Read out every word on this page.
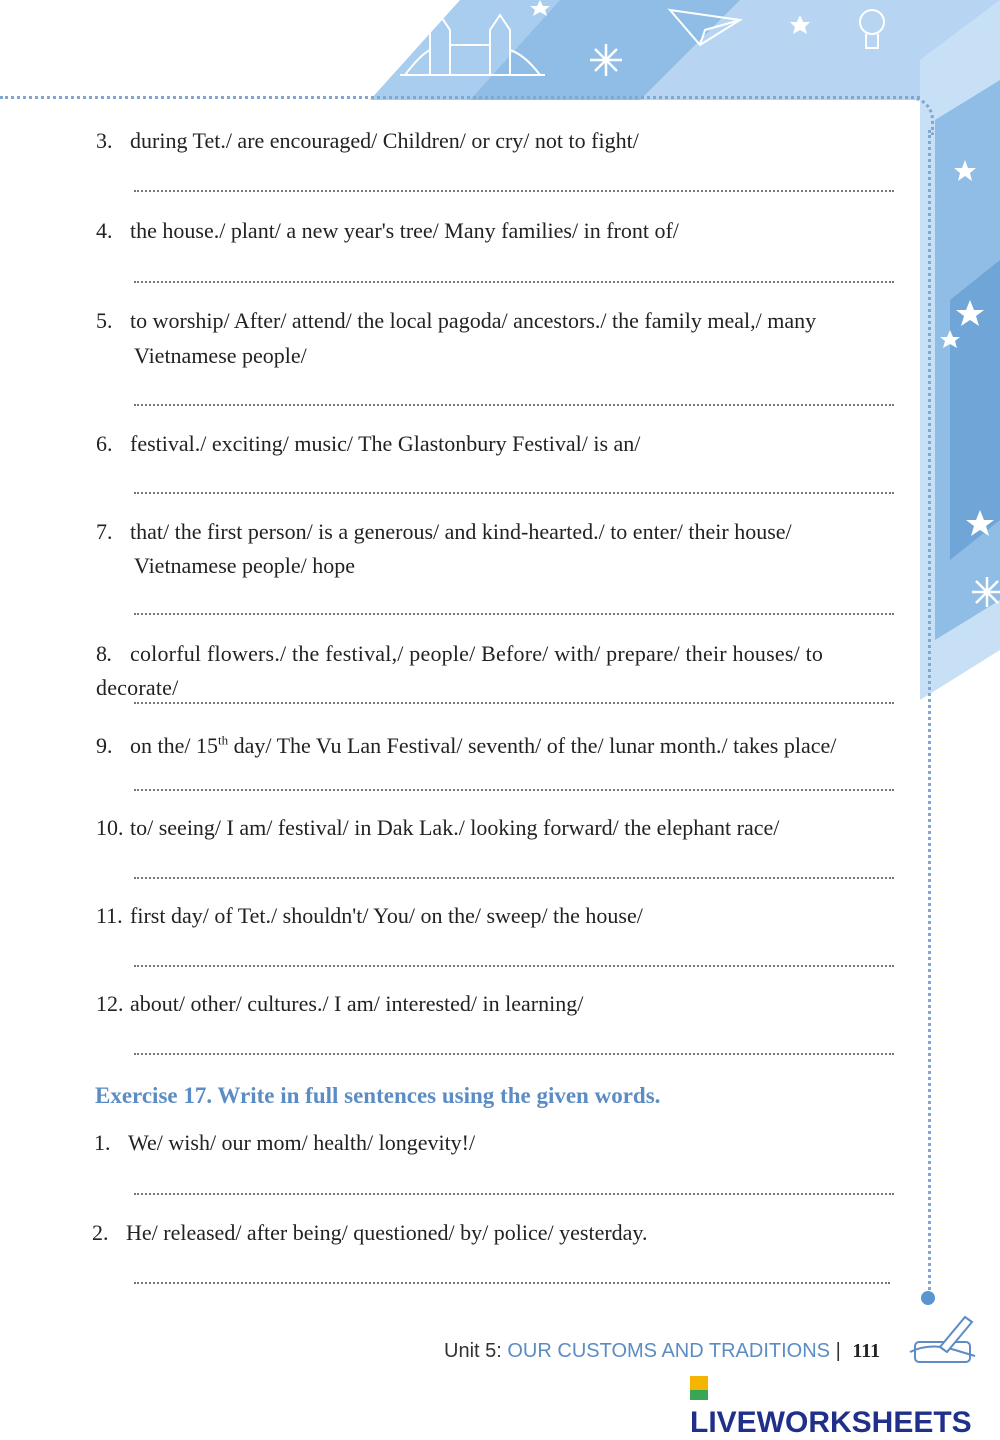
3. during Tet./ are encouraged/ Children/ or cry/ not to fight/
4. the house./ plant/ a new year's tree/ Many families/ in front of/
5. to worship/ After/ attend/ the local pagoda/ ancestors./ the family meal,/ many
Vietnamese people/
6. festival./ exciting/ music/ The Glastonbury Festival/ is an/
7. that/ the first person/ is a generous/ and kind-hearted./ to enter/ their house/
Vietnamese people/ hope
8. colorful flowers./ the festival,/ people/ Before/ with/ prepare/ their houses/ to decorate/
9. on the/ 15th day/ The Vu Lan Festival/ seventh/ of the/ lunar month./ takes place/
10. to/ seeing/ I am/ festival/ in Dak Lak./ looking forward/ the elephant race/
11. first day/ of Tet./ shouldn't/ You/ on the/ sweep/ the house/
12. about/ other/ cultures./ I am/ interested/ in learning/
Exercise 17. Write in full sentences using the given words.
1. We/ wish/ our mom/ health/ longevity!/
2. He/ released/ after being/ questioned/ by/ police/ yesterday.
Unit 5: OUR CUSTOMS AND TRADITIONS | 111
LIVEWORKSHEETS
